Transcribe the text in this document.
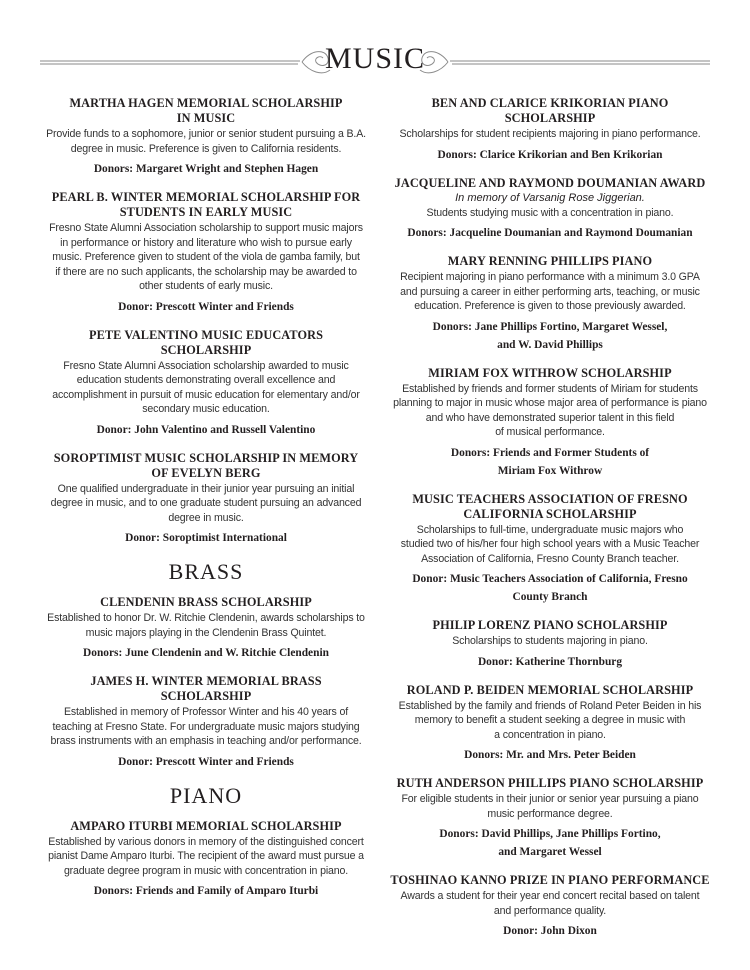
MUSIC
MARTHA HAGEN MEMORIAL SCHOLARSHIP
IN MUSIC
Provide funds to a sophomore, junior or senior student pursuing a B.A.
degree in music. Preference is given to California residents.
Donors: Margaret Wright and Stephen Hagen
PEARL B. WINTER MEMORIAL SCHOLARSHIP FOR
STUDENTS IN EARLY MUSIC
Fresno State Alumni Association scholarship to support music majors
in performance or history and literature who wish to pursue early
music. Preference given to student of the viola de gamba family, but
if there are no such applicants, the scholarship may be awarded to
other students of early music.
Donor: Prescott Winter and Friends
PETE VALENTINO MUSIC EDUCATORS
SCHOLARSHIP
Fresno State Alumni Association scholarship awarded to music
education students demonstrating overall excellence and
accomplishment in pursuit of music education for elementary and/or
secondary music education.
Donor: John Valentino and Russell Valentino
SOROPTIMIST MUSIC SCHOLARSHIP IN MEMORY
OF EVELYN BERG
One qualified undergraduate in their junior year pursuing an initial
degree in music, and to one graduate student pursuing an advanced
degree in music.
Donor: Soroptimist International
BRASS
CLENDENIN BRASS SCHOLARSHIP
Established to honor Dr. W. Ritchie Clendenin, awards scholarships to
music majors playing in the Clendenin Brass Quintet.
Donors: June Clendenin and W. Ritchie Clendenin
JAMES H. WINTER MEMORIAL BRASS
SCHOLARSHIP
Established in memory of Professor Winter and his 40 years of
teaching at Fresno State. For undergraduate music majors studying
brass instruments with an emphasis in teaching and/or performance.
Donor: Prescott Winter and Friends
PIANO
AMPARO ITURBI MEMORIAL SCHOLARSHIP
Established by various donors in memory of the distinguished concert
pianist Dame Amparo Iturbi. The recipient of the award must pursue a
graduate degree program in music with concentration in piano.
Donors: Friends and Family of Amparo Iturbi
BEN AND CLARICE KRIKORIAN PIANO
SCHOLARSHIP
Scholarships for student recipients majoring in piano performance.
Donors: Clarice Krikorian and Ben Krikorian
JACQUELINE AND RAYMOND DOUMANIAN AWARD
In memory of Varsanig Rose Jiggerian.
Students studying music with a concentration in piano.
Donors: Jacqueline Doumanian and Raymond Doumanian
MARY RENNING PHILLIPS PIANO
Recipient majoring in piano performance with a minimum 3.0 GPA
and pursuing a career in either performing arts, teaching, or music
education. Preference is given to those previously awarded.
Donors: Jane Phillips Fortino, Margaret Wessel,
and W. David Phillips
MIRIAM FOX WITHROW SCHOLARSHIP
Established by friends and former students of Miriam for students
planning to major in music whose major area of performance is piano
and who have demonstrated superior talent in this field
of musical performance.
Donors: Friends and Former Students of
Miriam Fox Withrow
MUSIC TEACHERS ASSOCIATION OF FRESNO
CALIFORNIA SCHOLARSHIP
Scholarships to full-time, undergraduate music majors who
studied two of his/her four high school years with a Music Teacher
Association of California, Fresno County Branch teacher.
Donor: Music Teachers Association of California, Fresno
County Branch
PHILIP LORENZ PIANO SCHOLARSHIP
Scholarships to students majoring in piano.
Donor: Katherine Thornburg
ROLAND P. BEIDEN MEMORIAL SCHOLARSHIP
Established by the family and friends of Roland Peter Beiden in his
memory to benefit a student seeking a degree in music with
a concentration in piano.
Donors: Mr. and Mrs. Peter Beiden
RUTH ANDERSON PHILLIPS PIANO SCHOLARSHIP
For eligible students in their junior or senior year pursuing a piano
music performance degree.
Donors: David Phillips, Jane Phillips Fortino,
and Margaret Wessel
TOSHINAO KANNO PRIZE IN PIANO PERFORMANCE
Awards a student for their year end concert recital based on talent
and performance quality.
Donor: John Dixon
